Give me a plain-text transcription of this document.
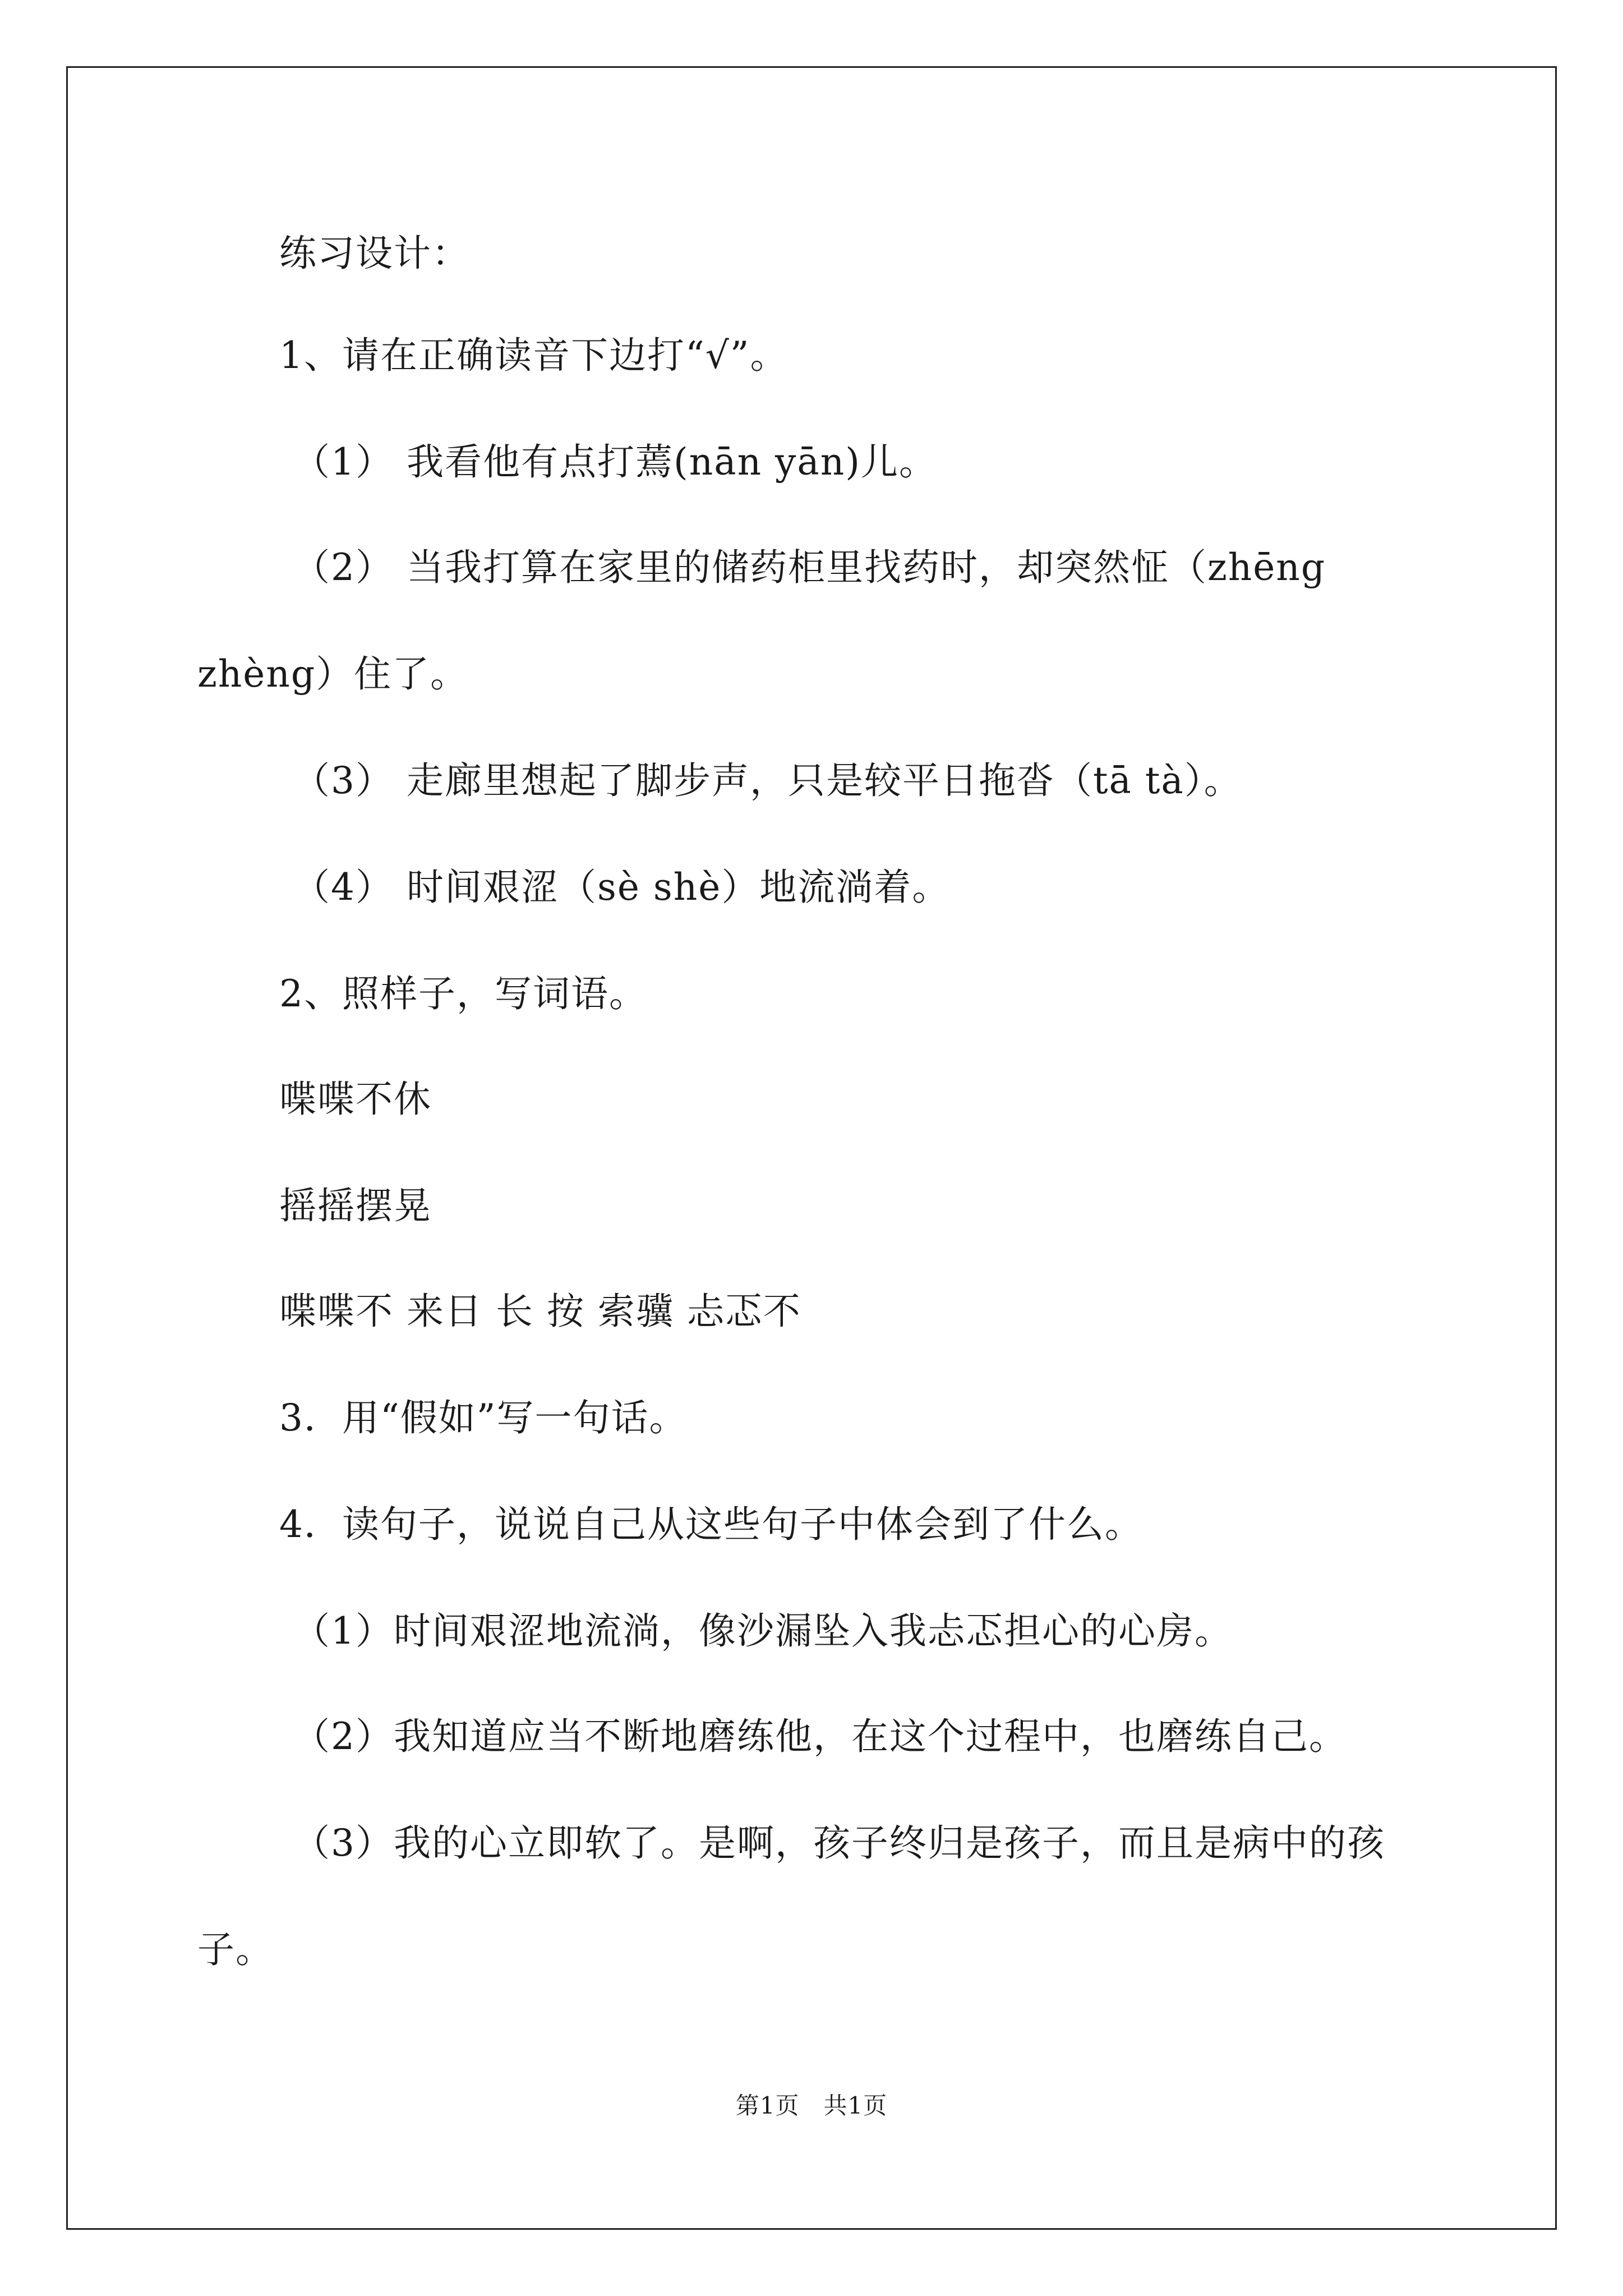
练习设计：
1、请在正确读音下边打“√”。
（1） 我看他有点打蔫(nān yān)儿。
（2） 当我打算在家里的储药柜里找药时，却突然怔（zhēng
zhèng）住了。
（3） 走廊里想起了脚步声，只是较平日拖沓（tā tà）。
（4） 时间艰涩（sè shè）地流淌着。
2、照样子，写词语。
喋喋不休
摇摇摆晃
喋喋不 来日 长 按 索骥 忐忑不
3．用“假如”写一句话。
4．读句子，说说自己从这些句子中体会到了什么。
（1）时间艰涩地流淌，像沙漏坠入我忐忑担心的心房。
（2）我知道应当不断地磨练他，在这个过程中，也磨练自己。
（3）我的心立即软了。是啊，孩子终归是孩子，而且是病中的孩
子。
第1页   共1页
